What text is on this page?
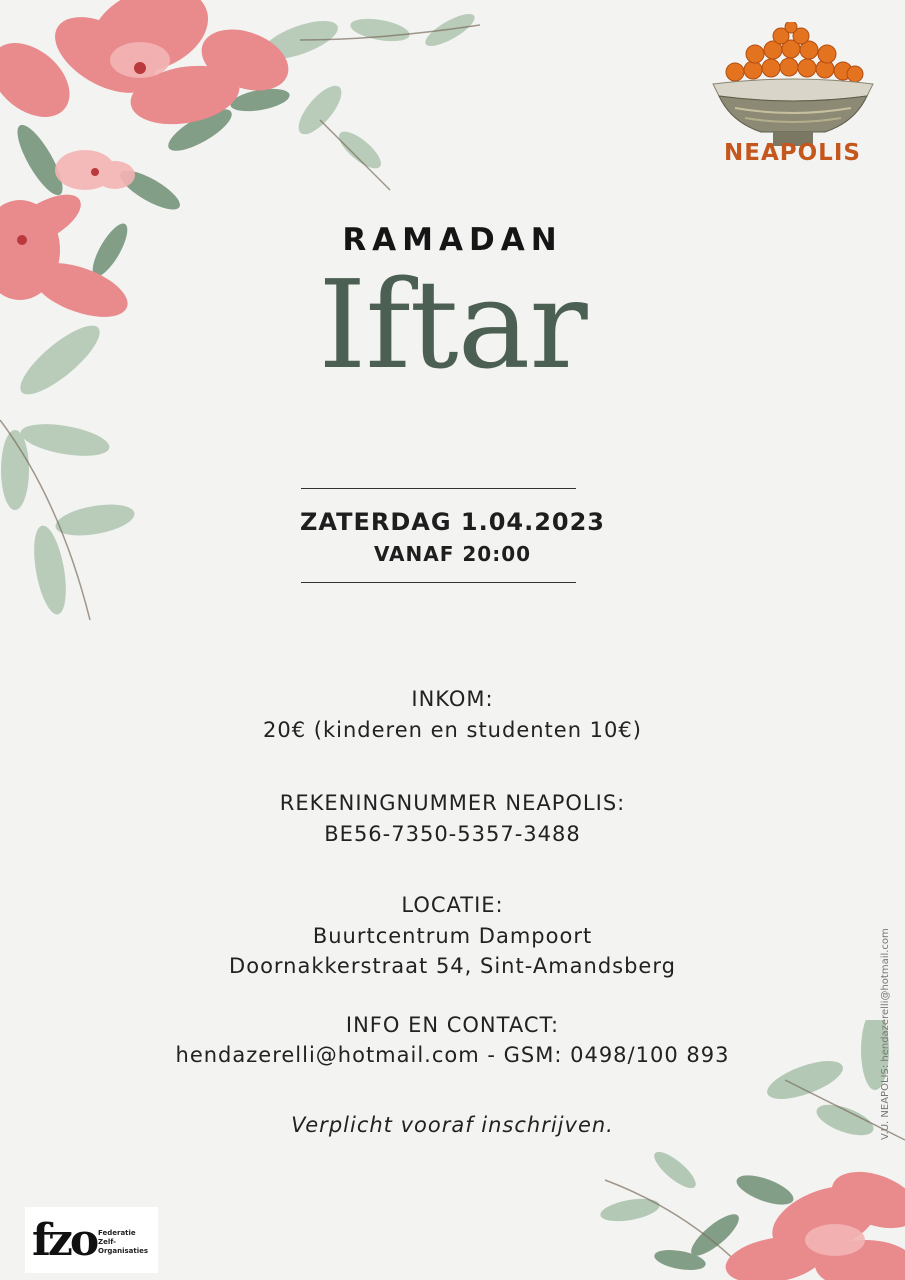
NEAPOLIS
RAMADAN
Iftar
ZATERDAG 1.04.2023
VANAF 20:00
INKOM:
20€ (kinderen en studenten 10€)
REKENINGNUMMER NEAPOLIS:
BE56-7350-5357-3488
LOCATIE:
Buurtcentrum Dampoort
Doornakkerstraat 54, Sint-Amandsberg
INFO EN CONTACT:
hendazerelli@hotmail.com - GSM: 0498/100 893
Verplicht vooraf inschrijven.	V.U. NEAPOLIS: hendazerelli@hotmail.com
fzo Federatie
Zelf-
Organisaties
